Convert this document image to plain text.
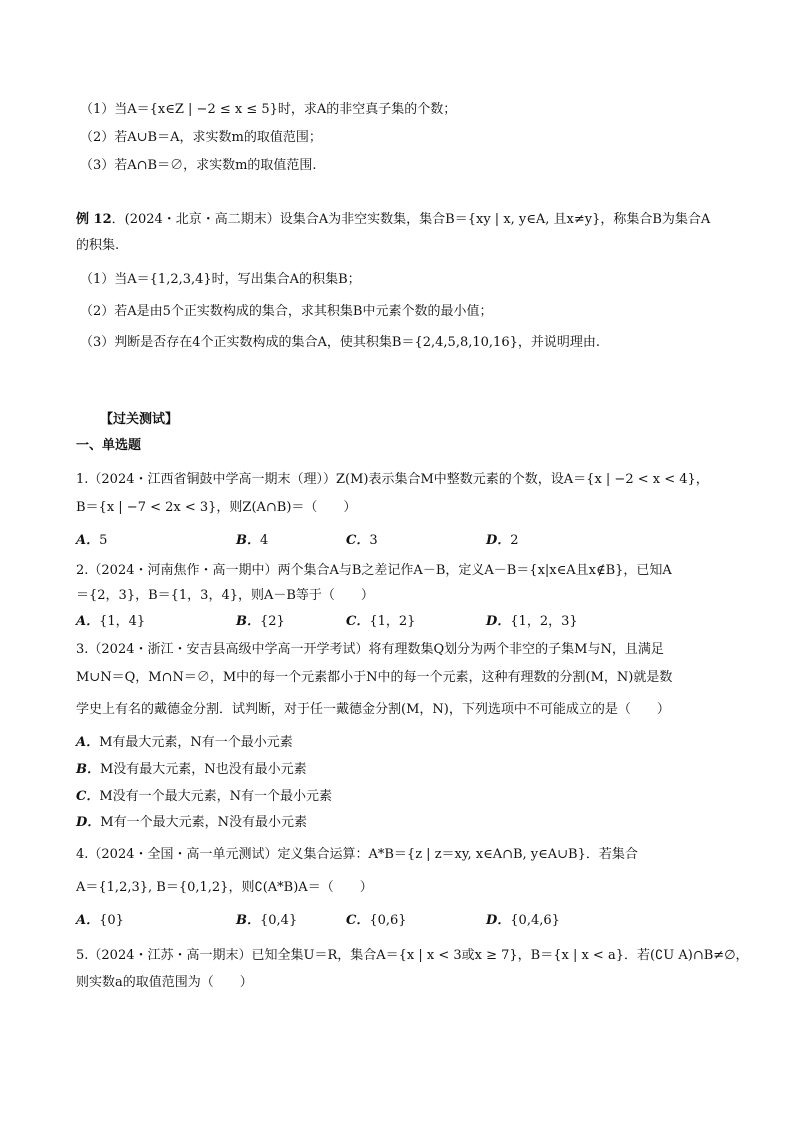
（1）当A＝{x∈Z | −2 ≤ x ≤ 5}时，求A的非空真子集的个数；
（2）若A∪B＝A，求实数m的取值范围；
（3）若A∩B＝∅，求实数m的取值范围.
例 12．(2024・北京・高二期末）设集合A为非空实数集，集合B＝{xy | x, y∈A, 且x≠y}，称集合B为集合A
的积集.
（1）当A＝{1,2,3,4}时，写出集合A的积集B；
（2）若A是由5个正实数构成的集合，求其积集B中元素个数的最小值；
（3）判断是否存在4个正实数构成的集合A，使其积集B＝{2,4,5,8,10,16}，并说明理由.
【过关测试】
一、单选题
1.（2024・江西省铜鼓中学高一期末（理））Z(M)表示集合M中整数元素的个数，设A＝{x | −2 < x < 4}，
B＝{x | −7 < 2x < 3}，则Z(A∩B)＝（　　）
A．5	B．4	C．3	D．2
2.（2024・河南焦作・高一期中）两个集合A与B之差记作A－B，定义A－B＝{x|x∈A且x∉B}，已知A
＝{2，3}，B＝{1，3，4}，则A－B等于（　　）
A．{1，4}	B．{2}	C．{1，2}	D．{1，2，3}
3.（2024・浙江・安吉县高级中学高一开学考试）将有理数集Q划分为两个非空的子集M与N，且满足
M∪N＝Q，M∩N＝∅，M中的每一个元素都小于N中的每一个元素，这种有理数的分割(M，N)就是数
学史上有名的戴德金分割．试判断，对于任一戴德金分割(M，N)，下列选项中不可能成立的是（　　）
A．M有最大元素，N有一个最小元素
B．M没有最大元素，N也没有最小元素
C．M没有一个最大元素，N有一个最小元素
D．M有一个最大元素，N没有最小元素
4.（2024・全国・高一单元测试）定义集合运算：A*B＝{z | z＝xy, x∈A∩B, y∈A∪B}．若集合
A＝{1,2,3}, B＝{0,1,2}，则∁(A*B)A＝（　　）
A．{0}	B．{0,4}	C．{0,6}	D．{0,4,6}
5.（2024・江苏・高一期末）已知全集U＝R，集合A＝{x | x < 3或x ≥ 7}，B＝{x | x < a}．若(∁U A)∩B≠∅，
则实数a的取值范围为（　　）
